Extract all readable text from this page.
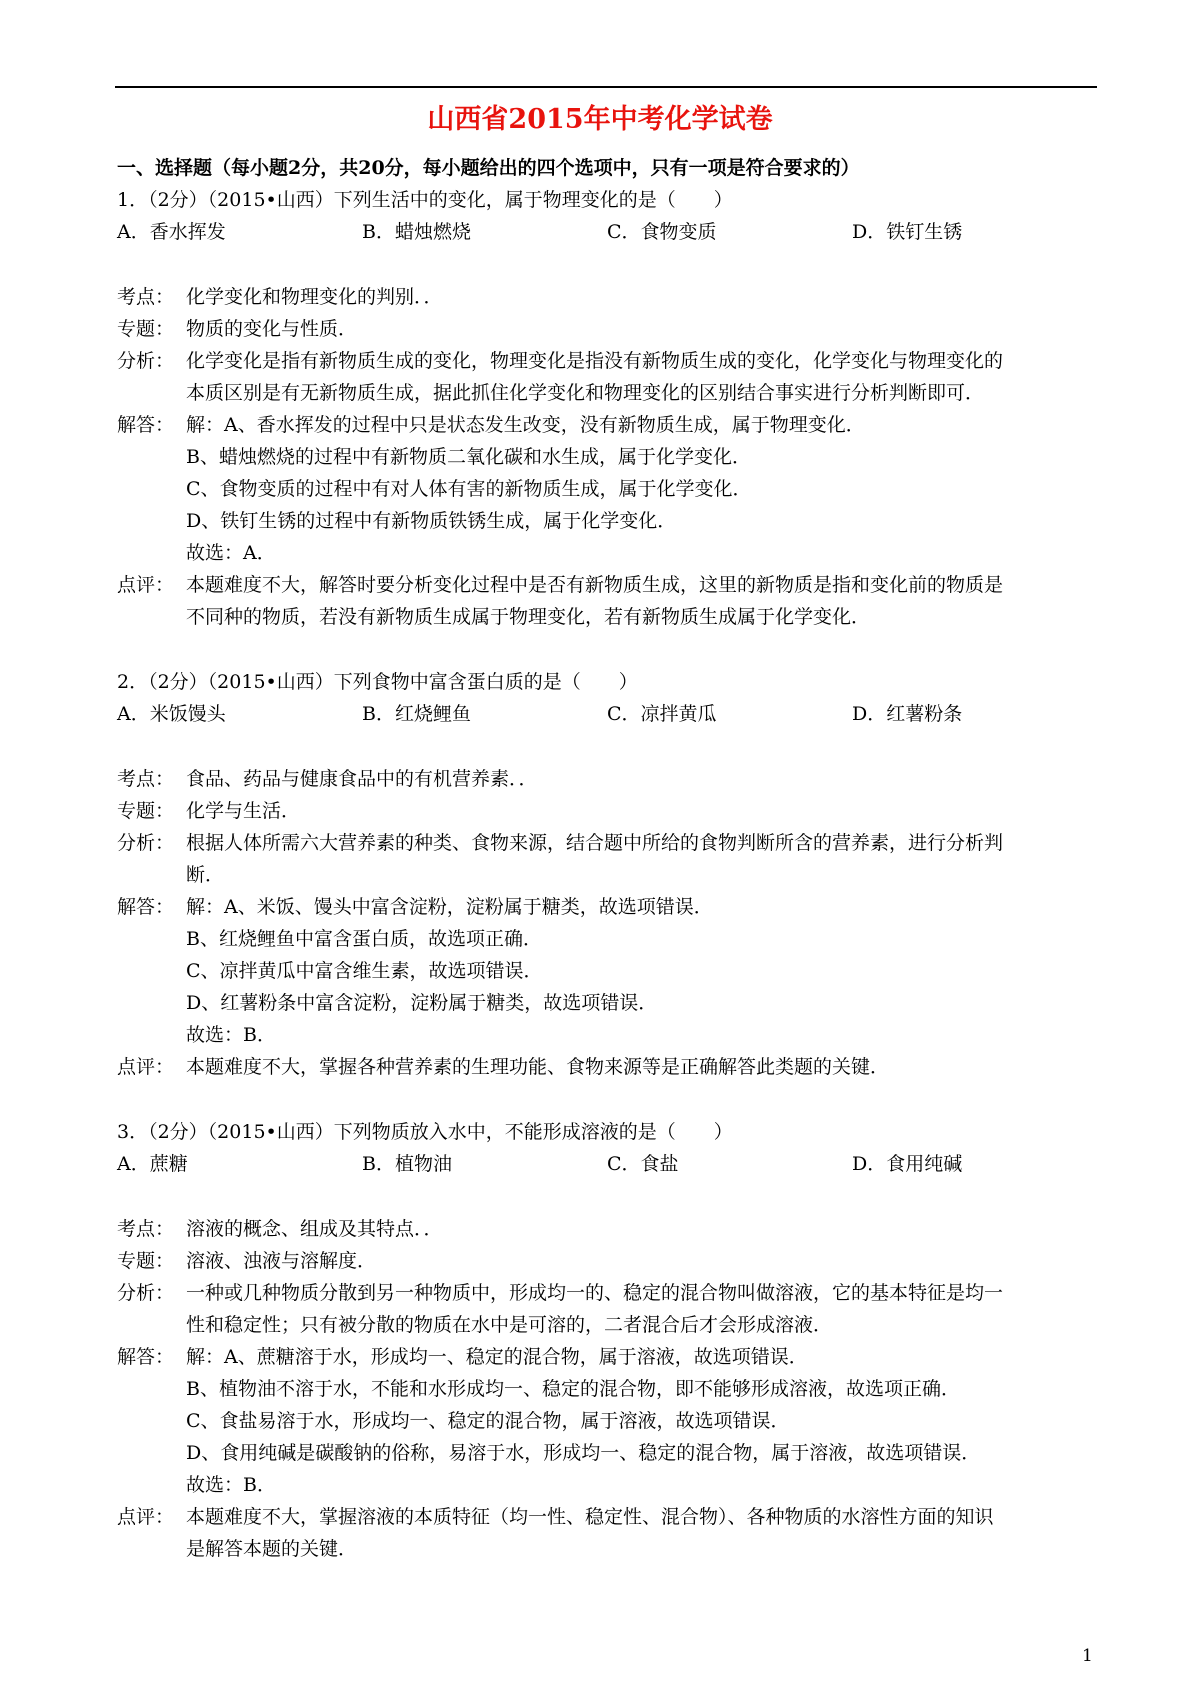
山西省2015年中考化学试卷
一、选择题（每小题2分，共20分，每小题给出的四个选项中，只有一项是符合要求的）
1．（2分）（2015•山西）下列生活中的变化，属于物理变化的是（　　）
A．香水挥发	B．蜡烛燃烧	C．食物变质	D．铁钉生锈
考点： 化学变化和物理变化的判别．．
专题： 物质的变化与性质．
分析： 化学变化是指有新物质生成的变化，物理变化是指没有新物质生成的变化，化学变化与物理变化的
本质区别是有无新物质生成，据此抓住化学变化和物理变化的区别结合事实进行分析判断即可．
解答： 解：A、香水挥发的过程中只是状态发生改变，没有新物质生成，属于物理变化．
B、蜡烛燃烧的过程中有新物质二氧化碳和水生成，属于化学变化．
C、食物变质的过程中有对人体有害的新物质生成，属于化学变化．
D、铁钉生锈的过程中有新物质铁锈生成，属于化学变化．
故选：A．
点评： 本题难度不大，解答时要分析变化过程中是否有新物质生成，这里的新物质是指和变化前的物质是
不同种的物质，若没有新物质生成属于物理变化，若有新物质生成属于化学变化．
2．（2分）（2015•山西）下列食物中富含蛋白质的是（　　）
A．米饭馒头	B．红烧鲤鱼	C．凉拌黄瓜	D．红薯粉条
考点： 食品、药品与健康食品中的有机营养素．．
专题： 化学与生活．
分析： 根据人体所需六大营养素的种类、食物来源，结合题中所给的食物判断所含的营养素，进行分析判
断．
解答： 解：A、米饭、馒头中富含淀粉，淀粉属于糖类，故选项错误．
B、红烧鲤鱼中富含蛋白质，故选项正确．
C、凉拌黄瓜中富含维生素，故选项错误．
D、红薯粉条中富含淀粉，淀粉属于糖类，故选项错误．
故选：B．
点评： 本题难度不大，掌握各种营养素的生理功能、食物来源等是正确解答此类题的关键．
3．（2分）（2015•山西）下列物质放入水中，不能形成溶液的是（　　）
A．蔗糖	B．植物油	C．食盐	D．食用纯碱
考点： 溶液的概念、组成及其特点．．
专题： 溶液、浊液与溶解度．
分析： 一种或几种物质分散到另一种物质中，形成均一的、稳定的混合物叫做溶液，它的基本特征是均一
性和稳定性；只有被分散的物质在水中是可溶的，二者混合后才会形成溶液．
解答： 解：A、蔗糖溶于水，形成均一、稳定的混合物，属于溶液，故选项错误．
B、植物油不溶于水，不能和水形成均一、稳定的混合物，即不能够形成溶液，故选项正确．
C、食盐易溶于水，形成均一、稳定的混合物，属于溶液，故选项错误．
D、食用纯碱是碳酸钠的俗称，易溶于水，形成均一、稳定的混合物，属于溶液，故选项错误．
故选：B．
点评： 本题难度不大，掌握溶液的本质特征（均一性、稳定性、混合物）、各种物质的水溶性方面的知识
是解答本题的关键．
1
